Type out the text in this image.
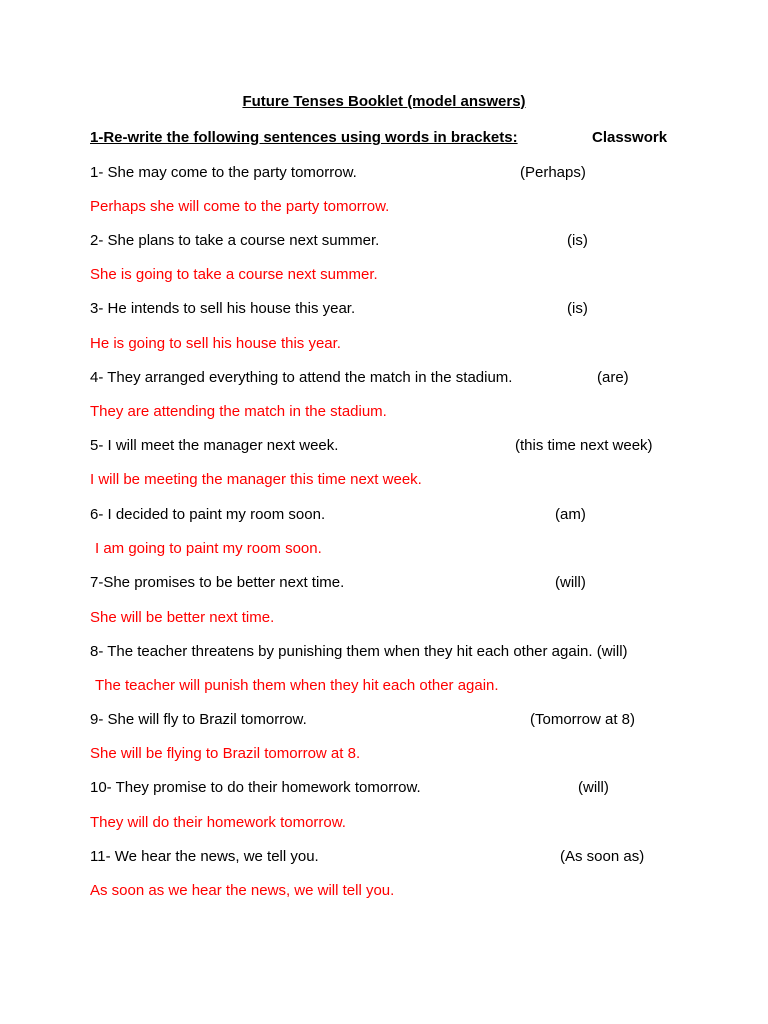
Future Tenses Booklet (model answers)
1-Re-write the following sentences using words in brackets:	Classwork
1- She may come to the party tomorrow.	(Perhaps)
Perhaps she will come to the party tomorrow.
2- She plans to take a course next summer.	(is)
She is going to take a course next summer.
3- He intends to sell his house this year.	(is)
He is going to sell his house this year.
4- They arranged everything to attend the match in the stadium.	(are)
They are attending the match in the stadium.
5- I will meet the manager next week.	(this time next week)
I will be meeting the manager this time next week.
6- I decided to paint my room soon.	(am)
I am going to paint my room soon.
7-She promises to be better next time.	(will)
She will be better next time.
8- The teacher threatens by punishing them when they hit each other again. (will)
The teacher will punish them when they hit each other again.
9- She will fly to Brazil tomorrow.	(Tomorrow at 8)
She will be flying to Brazil tomorrow at 8.
10- They promise to do their homework tomorrow.	(will)
They will do their homework tomorrow.
11- We hear the news, we tell you.	(As soon as)
As soon as we hear the news, we will tell you.
